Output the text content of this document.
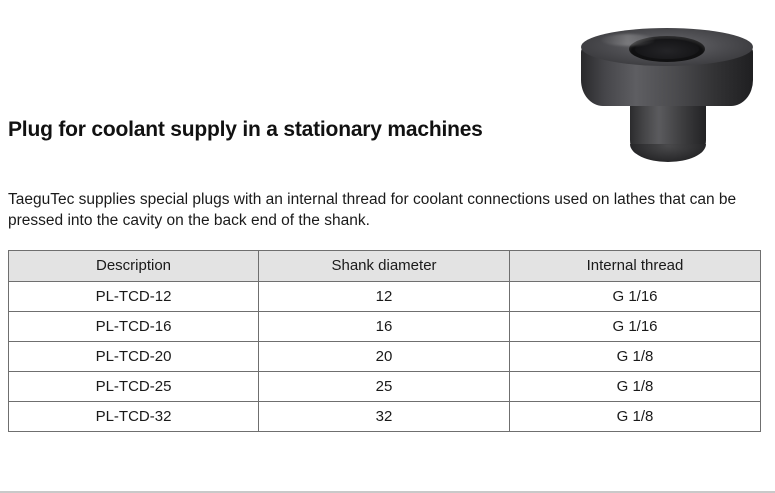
Plug for coolant supply in a stationary machines

TaeguTec supplies special plugs with an internal thread for coolant connections used on lathes that can be pressed into the cavity on the back end of the shank.

Description	Shank diameter	Internal thread
PL-TCD-12	12	G 1/16
PL-TCD-16	16	G 1/16
PL-TCD-20	20	G 1/8
PL-TCD-25	25	G 1/8
PL-TCD-32	32	G 1/8
